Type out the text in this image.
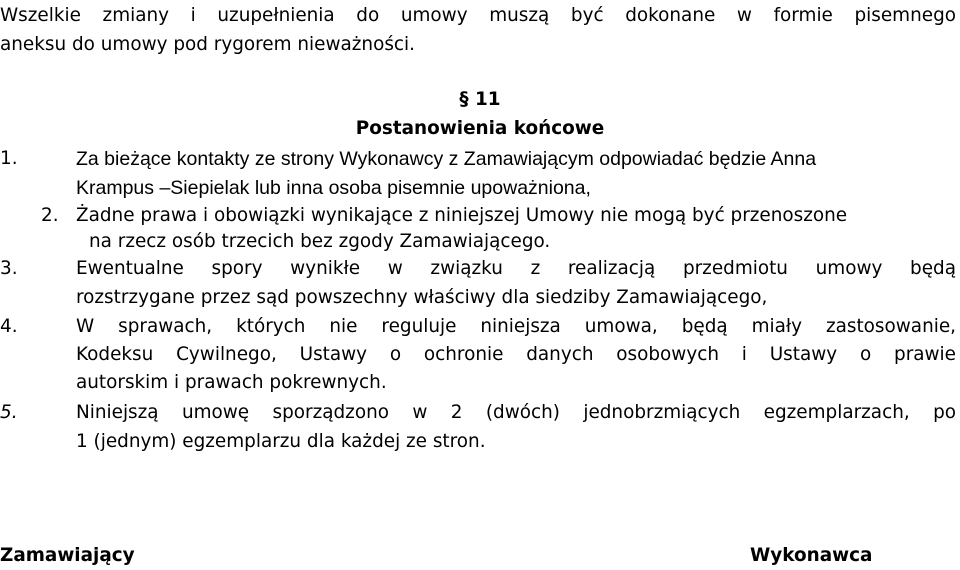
Wszelkie zmiany i uzupełnienia do umowy muszą być dokonane w formie pisemnego
aneksu do umowy pod rygorem nieważności.
§ 11
Postanowienia końcowe
1.	Za bieżące kontakty ze strony Wykonawcy z Zamawiającym odpowiadać będzie Anna
Krampus –Siepielak lub inna osoba pisemnie upoważniona,
2. Żadne prawa i obowiązki wynikające z niniejszej Umowy nie mogą być przenoszone
na rzecz osób trzecich bez zgody Zamawiającego.
3.	Ewentualne spory wynikłe w związku z realizacją przedmiotu umowy będą
rozstrzygane przez sąd powszechny właściwy dla siedziby Zamawiającego,
4.	W sprawach, których nie reguluje niniejsza umowa, będą miały zastosowanie,
Kodeksu Cywilnego, Ustawy o ochronie danych osobowych i Ustawy o prawie
autorskim i prawach pokrewnych.
5.	Niniejszą umowę sporządzono w 2 (dwóch) jednobrzmiących egzemplarzach, po
1 (jednym) egzemplarzu dla każdej ze stron.
Zamawiający	Wykonawca
